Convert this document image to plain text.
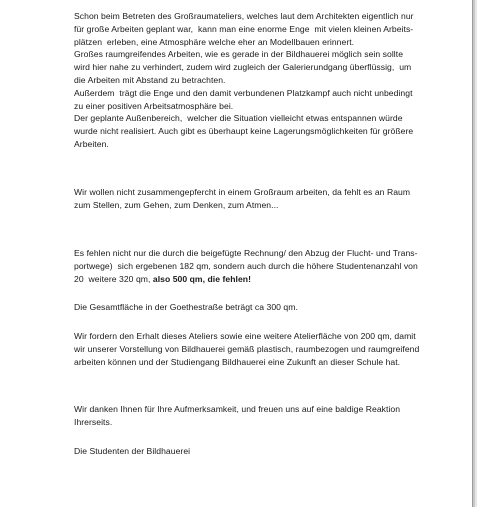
Schon beim Betreten des Großraumateliers, welches laut dem Architekten eigentlich nur
für große Arbeiten geplant war,  kann man eine enorme Enge  mit vielen kleinen Arbeits-
plätzen  erleben, eine Atmosphäre welche eher an Modellbauen erinnert.
Großes raumgreifendes Arbeiten, wie es gerade in der Bildhauerei möglich sein sollte
wird hier nahe zu verhindert, zudem wird zugleich der Galerierundgang überflüssig,  um
die Arbeiten mit Abstand zu betrachten.
Außerdem  trägt die Enge und den damit verbundenen Platzkampf auch nicht unbedingt
zu einer positiven Arbeitsatmosphäre bei.
Der geplante Außenbereich,  welcher die Situation vielleicht etwas entspannen würde
wurde nicht realisiert. Auch gibt es überhaupt keine Lagerungsmöglichkeiten für größere
Arbeiten.
Wir wollen nicht zusammengepfercht in einem Großraum arbeiten, da fehlt es an Raum
zum Stellen, zum Gehen, zum Denken, zum Atmen...
Es fehlen nicht nur die durch die beigefügte Rechnung/ den Abzug der Flucht- und Trans-
portwege)  sich ergebenen 182 qm, sondern auch durch die höhere Studentenanzahl von
20  weitere 320 qm, also 500 qm, die fehlen!
Die Gesamtfläche in der Goethestraße beträgt ca 300 qm.
Wir fordern den Erhalt dieses Ateliers sowie eine weitere Atelierfläche von 200 qm, damit
wir unserer Vorstellung von Bildhauerei gemäß plastisch, raumbezogen und raumgreifend
arbeiten können und der Studiengang Bildhauerei eine Zukunft an dieser Schule hat.
Wir danken Ihnen für Ihre Aufmerksamkeit, und freuen uns auf eine baldige Reaktion
Ihrerseits.
Die Studenten der Bildhauerei
